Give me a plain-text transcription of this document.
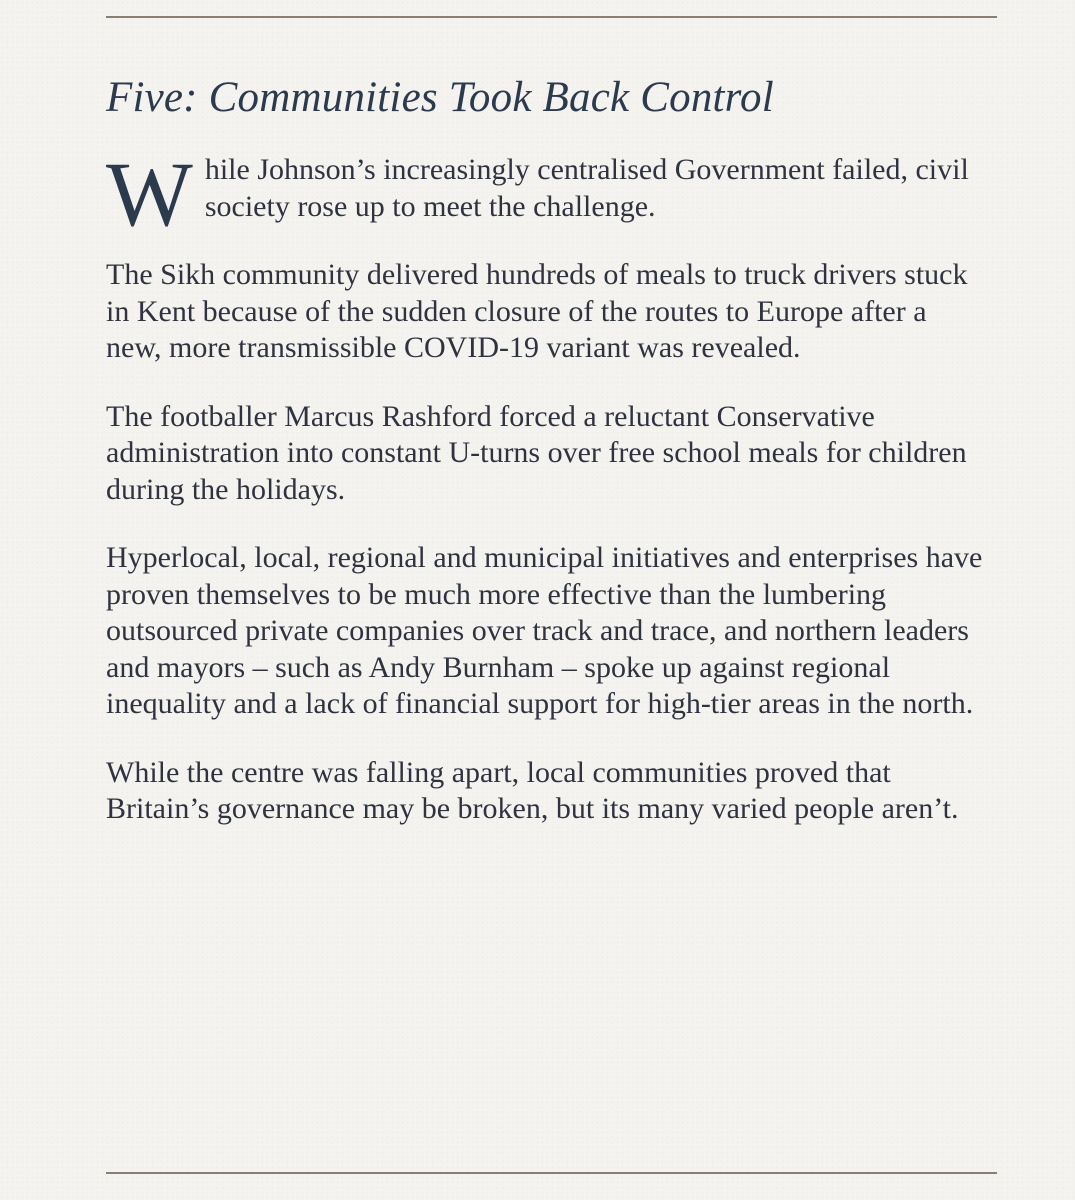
Five: Communities Took Back Control

While Johnson’s increasingly centralised Government failed, civil society rose up to meet the challenge.

The Sikh community delivered hundreds of meals to truck drivers stuck in Kent because of the sudden closure of the routes to Europe after a new, more transmissible COVID-19 variant was revealed.

The footballer Marcus Rashford forced a reluctant Conservative administration into constant U-turns over free school meals for children during the holidays.

Hyperlocal, local, regional and municipal initiatives and enterprises have proven themselves to be much more effective than the lumbering outsourced private companies over track and trace, and northern leaders and mayors – such as Andy Burnham – spoke up against regional inequality and a lack of financial support for high-tier areas in the north.

While the centre was falling apart, local communities proved that Britain’s governance may be broken, but its many varied people aren’t.
